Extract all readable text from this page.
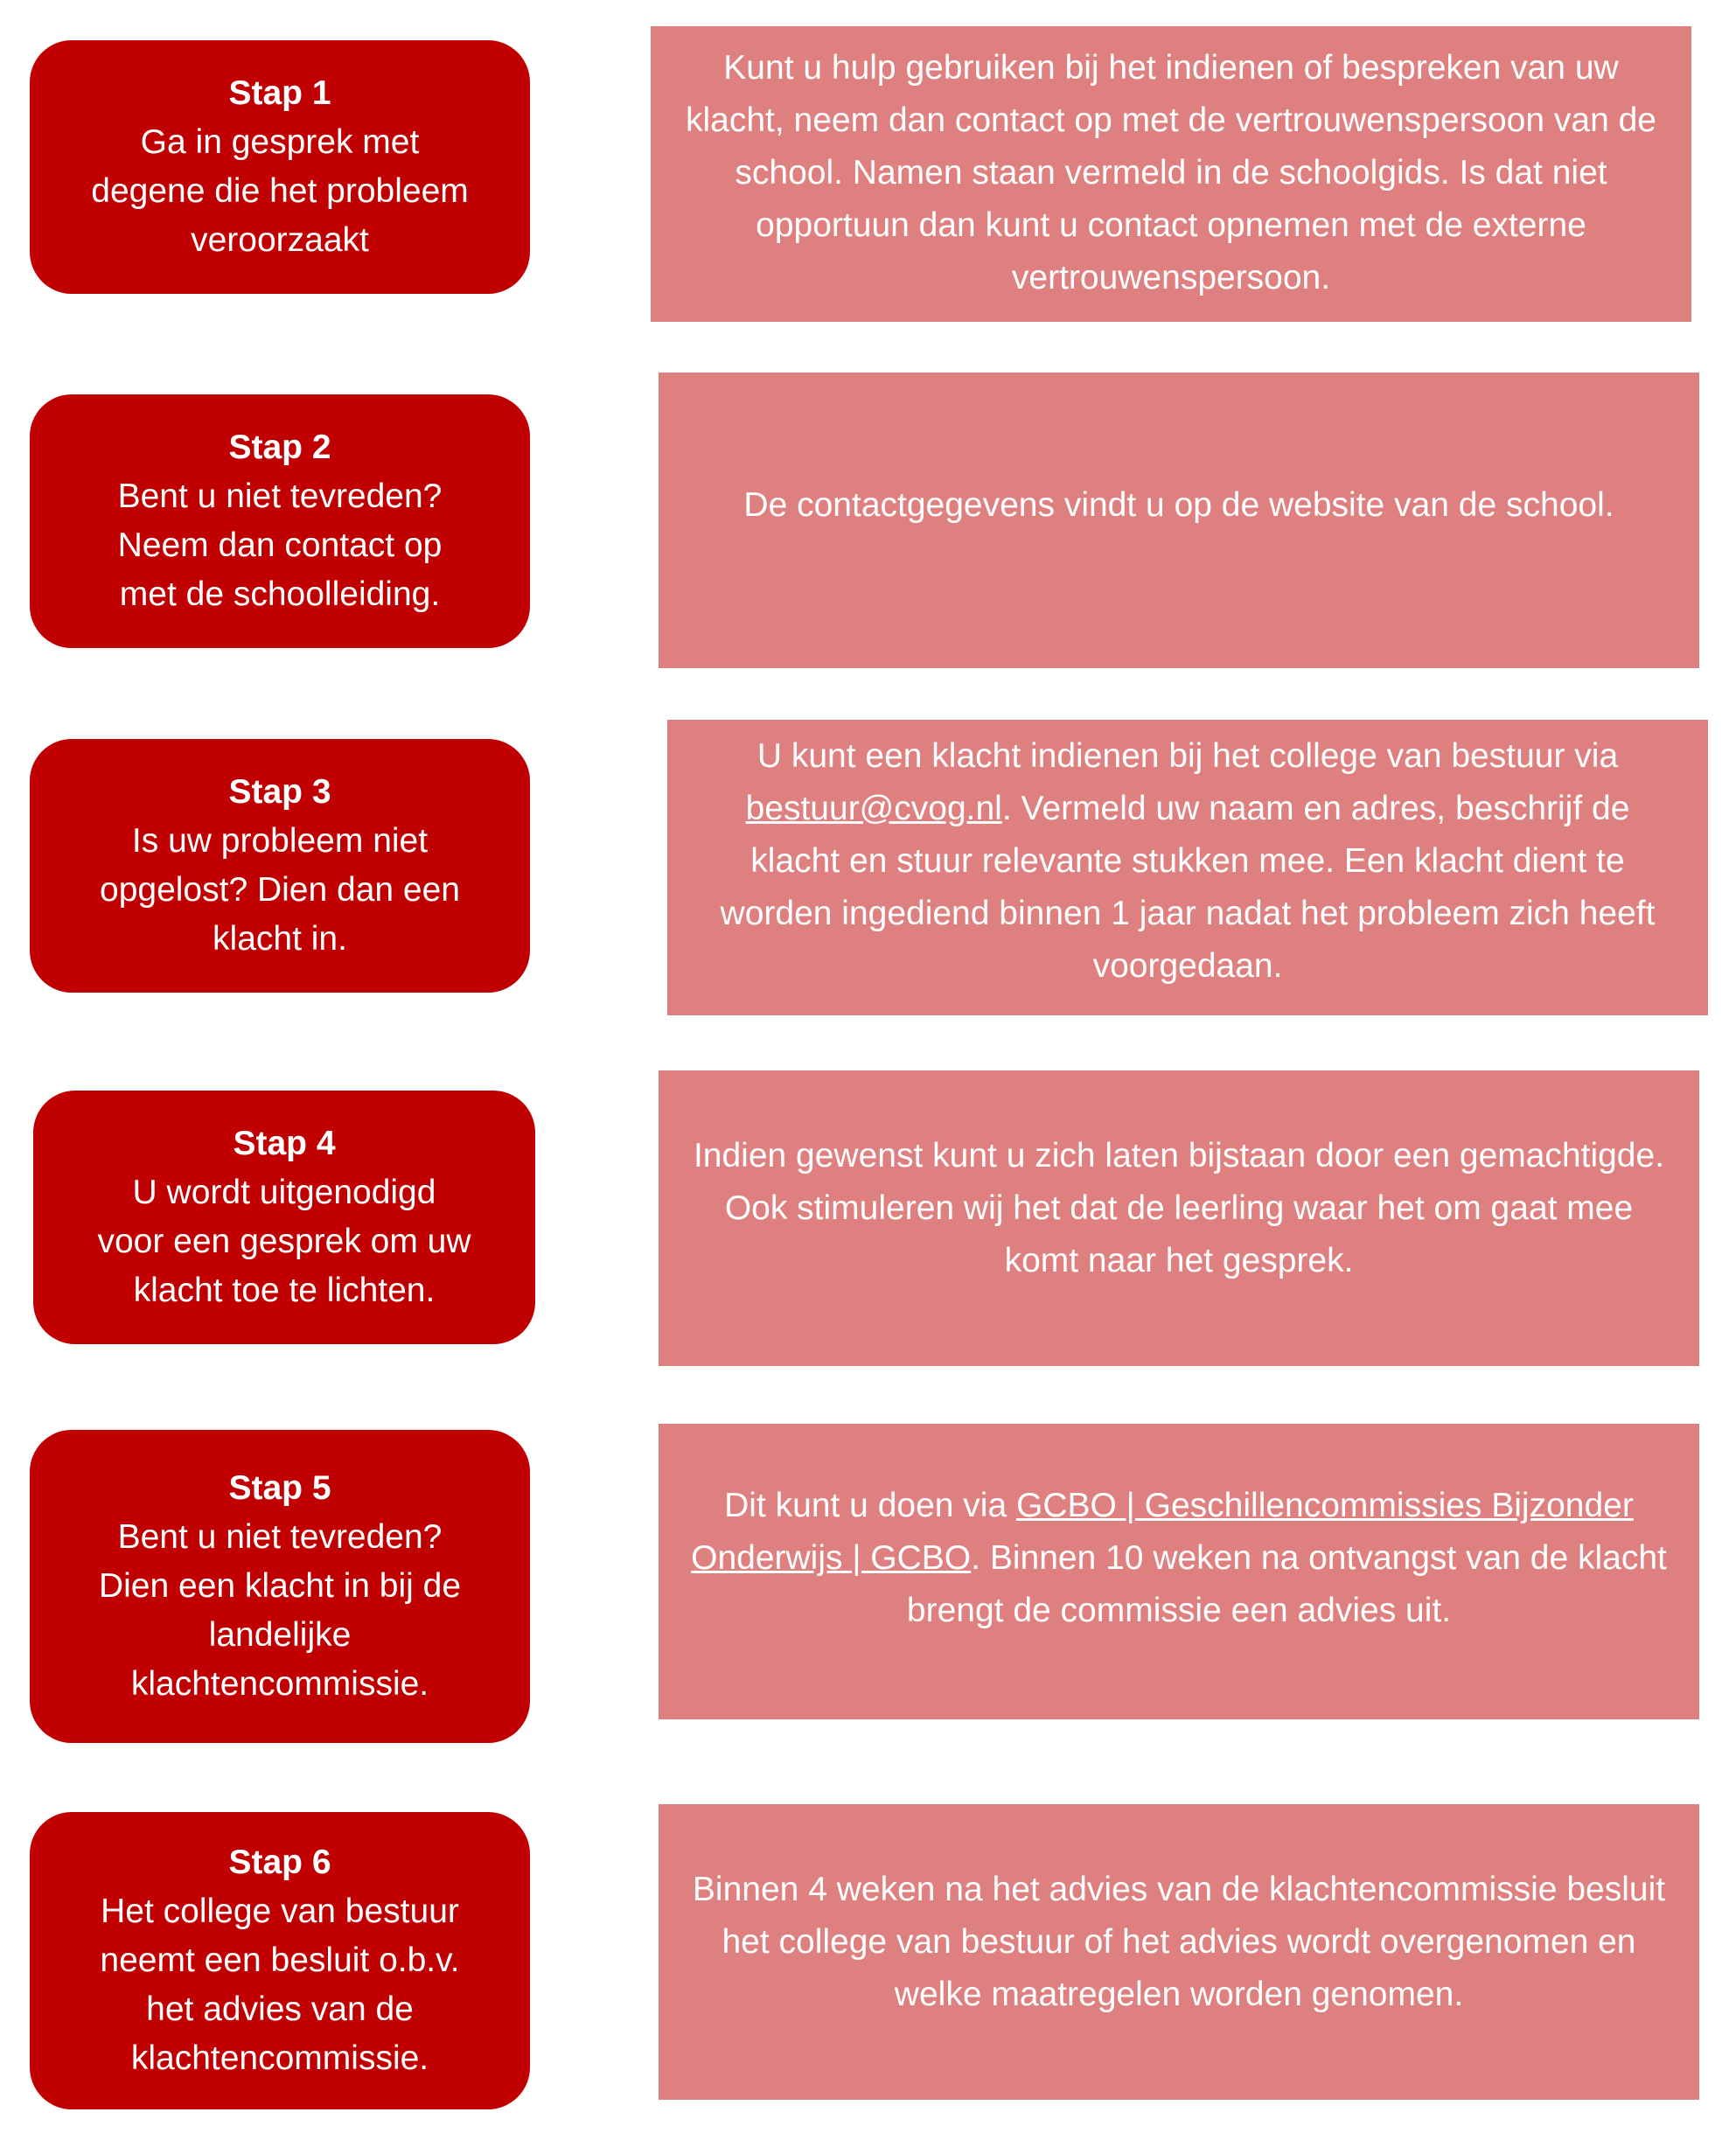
Stap 1
Ga in gesprek met
degene die het probleem
veroorzaakt
Kunt u hulp gebruiken bij het indienen of bespreken van uw klacht, neem dan contact op met de vertrouwenspersoon van de school. Namen staan vermeld in de schoolgids. Is dat niet opportuun dan kunt u contact opnemen met de externe vertrouwenspersoon.
Stap 2
Bent u niet tevreden?
Neem dan contact op
met de schoolleiding.
De contactgegevens vindt u op de website van de school.
Stap 3
Is uw probleem niet
opgelost? Dien dan een
klacht in.
U kunt een klacht indienen bij het college van bestuur via bestuur@cvog.nl. Vermeld uw naam en adres, beschrijf de klacht en stuur relevante stukken mee. Een klacht dient te worden ingediend binnen 1 jaar nadat het probleem zich heeft voorgedaan.
Stap 4
U wordt uitgenodigd
voor een gesprek om uw
klacht toe te lichten.
Indien gewenst kunt u zich laten bijstaan door een gemachtigde. Ook stimuleren wij het dat de leerling waar het om gaat mee komt naar het gesprek.
Stap 5
Bent u niet tevreden?
Dien een klacht in bij de
landelijke
klachtencommissie.
Dit kunt u doen via GCBO | Geschillencommissies Bijzonder Onderwijs | GCBO. Binnen 10 weken na ontvangst van de klacht brengt de commissie een advies uit.
Stap 6
Het college van bestuur
neemt een besluit o.b.v.
het advies van de
klachtencommissie.
Binnen 4 weken na het advies van de klachtencommissie besluit het college van bestuur of het advies wordt overgenomen en welke maatregelen worden genomen.
